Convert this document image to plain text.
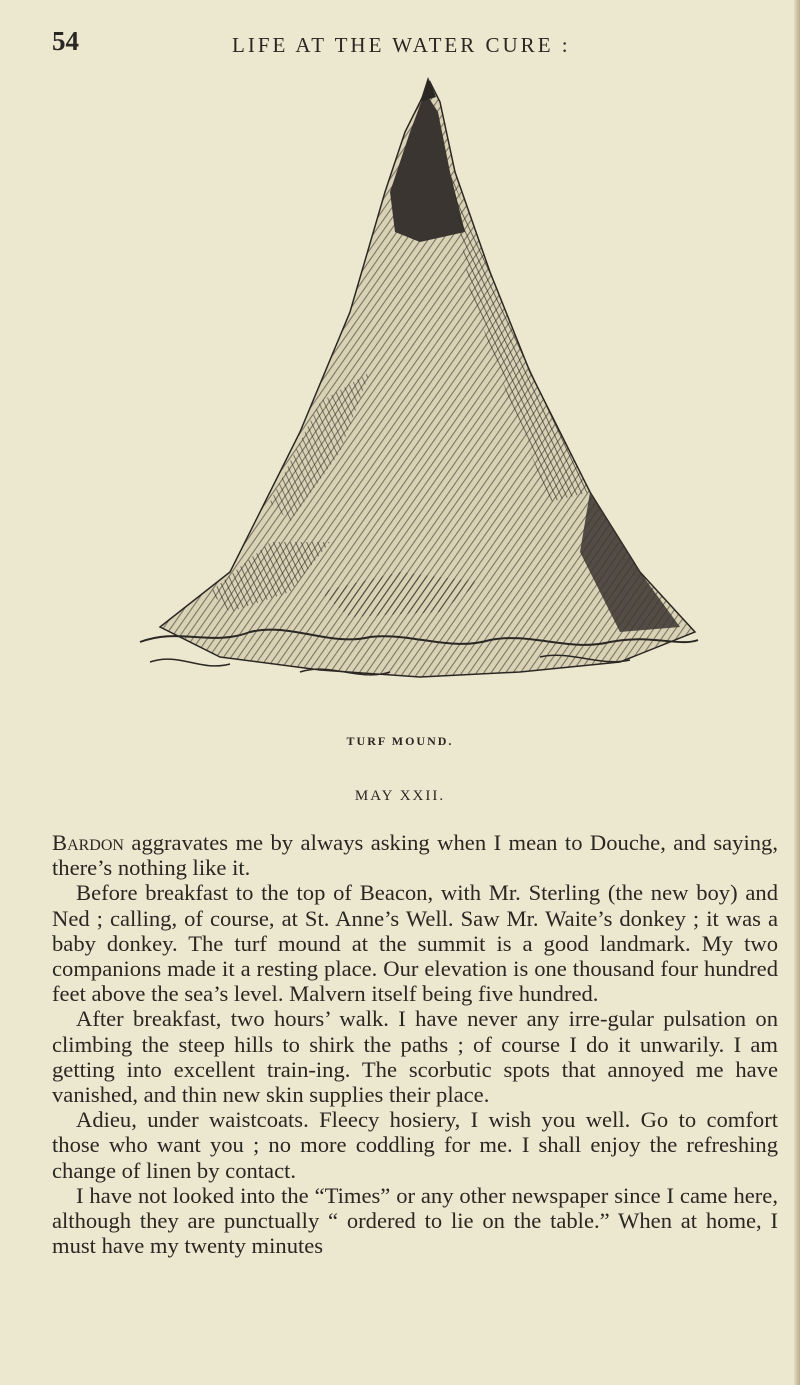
54	LIFE AT THE WATER CURE :
TURF MOUND.
MAY XXII.

Bardon aggravates me by always asking when I mean to Douche, and saying, there’s nothing like it.

Before breakfast to the top of Beacon, with Mr. Sterling (the new boy) and Ned ; calling, of course, at St. Anne’s Well. Saw Mr. Waite’s donkey ; it was a baby donkey. The turf mound at the summit is a good landmark. My two companions made it a resting place. Our elevation is one thousand four hundred feet above the sea’s level. Malvern itself being five hundred.

After breakfast, two hours’ walk. I have never any irre-gular pulsation on climbing the steep hills to shirk the paths ; of course I do it unwarily. I am getting into excellent train-ing. The scorbutic spots that annoyed me have vanished, and thin new skin supplies their place.

Adieu, under waistcoats. Fleecy hosiery, I wish you well. Go to comfort those who want you ; no more coddling for me. I shall enjoy the refreshing change of linen by contact.

I have not looked into the “Times” or any other newspaper since I came here, although they are punctually “ ordered to lie on the table.” When at home, I must have my twenty minutes
